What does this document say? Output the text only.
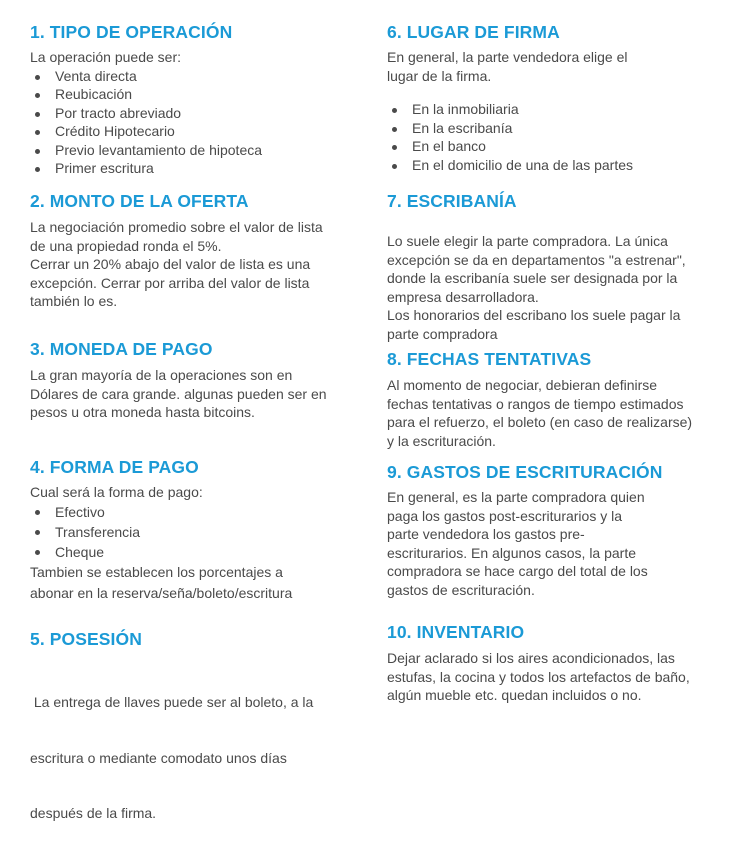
1. TIPO DE OPERACIÓN

La operación puede ser:

Venta directa
Reubicación
Por tracto abreviado
Crédito Hipotecario
Previo levantamiento de hipoteca
Primer escritura
2. MONTO DE LA OFERTA

La negociación promedio sobre el valor de lista

de una propiedad ronda el 5%.

Cerrar un 20% abajo del valor de lista es una

excepción. Cerrar por arriba del valor de lista

también lo es.

3. MONEDA DE PAGO

La gran mayoría de la operaciones son en

Dólares de cara grande. algunas pueden ser en

pesos u otra moneda hasta bitcoins.

4. FORMA DE PAGO

Cual será la forma de pago:

Efectivo
Transferencia
Cheque

Tambien se establecen los porcentajes a

abonar en la reserva/seña/boleto/escritura

5. POSESIÓN

La entrega de llaves puede ser al boleto, a la

escritura o mediante comodato unos días

después de la firma.

6. LUGAR DE FIRMA

En general, la parte vendedora elige el

lugar de la firma.

En la inmobiliaria
En la escribanía
En el banco
En el domicilio de una de las partes
7. ESCRIBANÍA

Lo suele elegir la parte compradora. La única

excepción se da en departamentos "a estrenar",

donde la escribanía suele ser designada por la

empresa desarrolladora.

Los honorarios del escribano los suele pagar la

parte compradora

8. FECHAS TENTATIVAS

Al momento de negociar, debieran definirse

fechas tentativas o rangos de tiempo estimados

para el refuerzo, el boleto (en caso de realizarse)

y la escrituración.

9. GASTOS DE ESCRITURACIÓN

En general, es la parte compradora quien

paga los gastos post-escriturarios y la

parte vendedora los gastos pre-

escriturarios. En algunos casos, la parte

compradora se hace cargo del total de los

gastos de escrituración.

10. INVENTARIO

Dejar aclarado si los aires acondicionados, las

estufas, la cocina y todos los artefactos de baño,

algún mueble etc. quedan incluidos o no.
